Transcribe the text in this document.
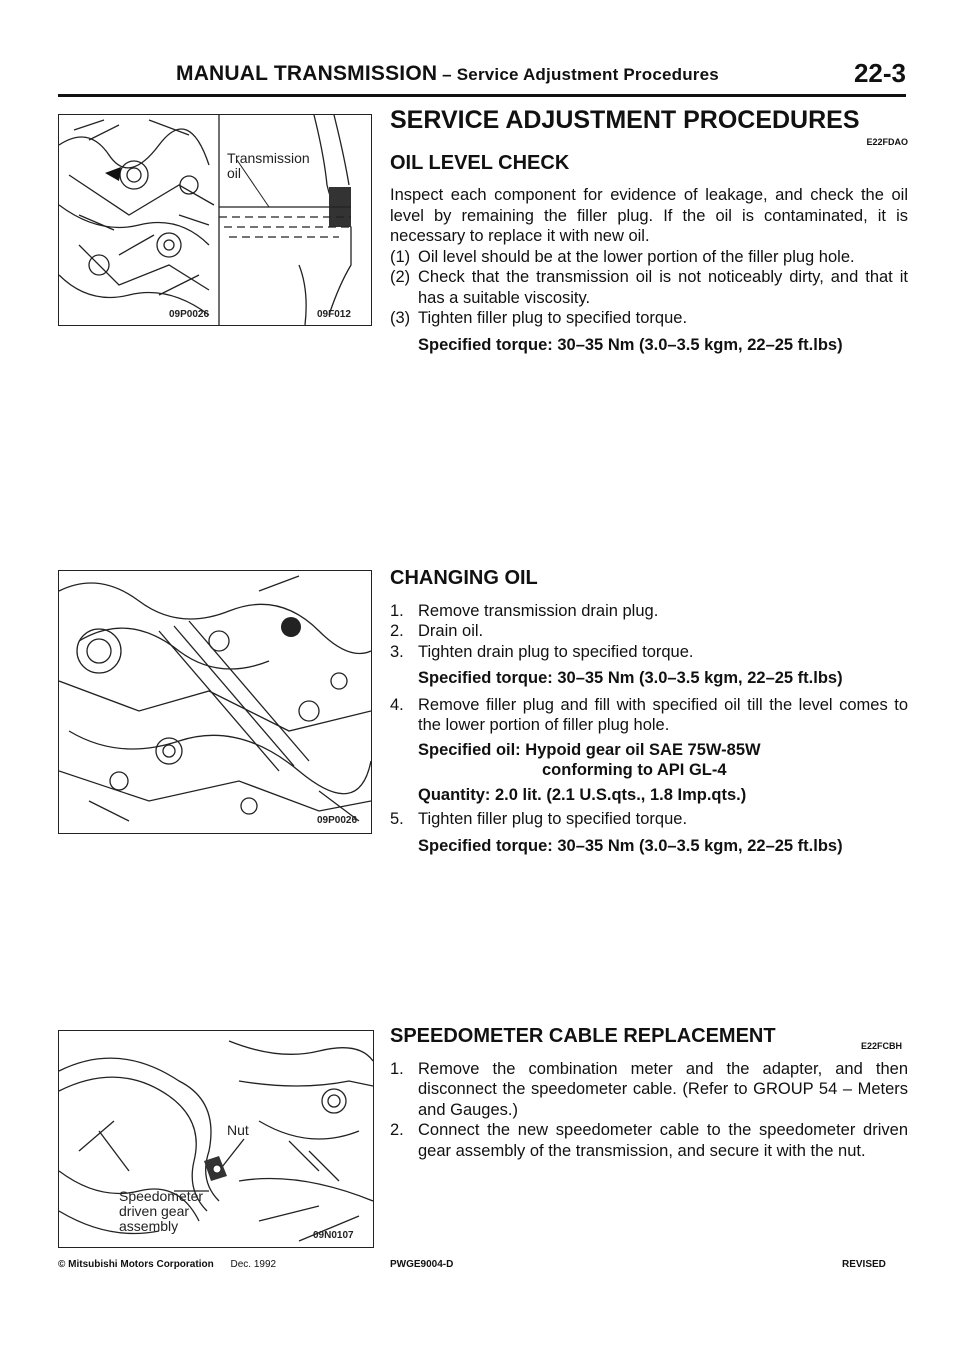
MANUAL TRANSMISSION – Service Adjustment Procedures	22-3
Transmission
oil
09P0026	09F012
SERVICE ADJUSTMENT PROCEDURES
E22FDAO
OIL LEVEL CHECK

Inspect each component for evidence of leakage, and check the oil level by remaining the filler plug. If the oil is contaminated, it is necessary to replace it with new oil.

(1) Oil level should be at the lower portion of the filler plug hole.
(2) Check that the transmission oil is not noticeably dirty, and that it has a suitable viscosity.
(3) Tighten filler plug to specified torque.
Specified torque: 30–35 Nm (3.0–3.5 kgm, 22–25 ft.lbs)
09P0026
CHANGING OIL
1. Remove transmission drain plug.
2. Drain oil.
3. Tighten drain plug to specified torque.
Specified torque: 30–35 Nm (3.0–3.5 kgm, 22–25 ft.lbs)
4. Remove filler plug and fill with specified oil till the level comes to the lower portion of filler plug hole.
Specified oil: Hypoid gear oil SAE 75W-85W
conforming to API GL-4
Quantity: 2.0 lit. (2.1 U.S.qts., 1.8 Imp.qts.)
5. Tighten filler plug to specified torque.
Specified torque: 30–35 Nm (3.0–3.5 kgm, 22–25 ft.lbs)
Nut
Speedometer
driven gear
assembly
09N0107
SPEEDOMETER CABLE REPLACEMENT	E22FCBH
1. Remove the combination meter and the adapter, and then disconnect the speedometer cable. (Refer to GROUP 54 – Meters and Gauges.)
2. Connect the new speedometer cable to the speedometer driven gear assembly of the transmission, and secure it with the nut.
© Mitsubishi Motors Corporation Dec. 1992	PWGE9004-D	REVISED
